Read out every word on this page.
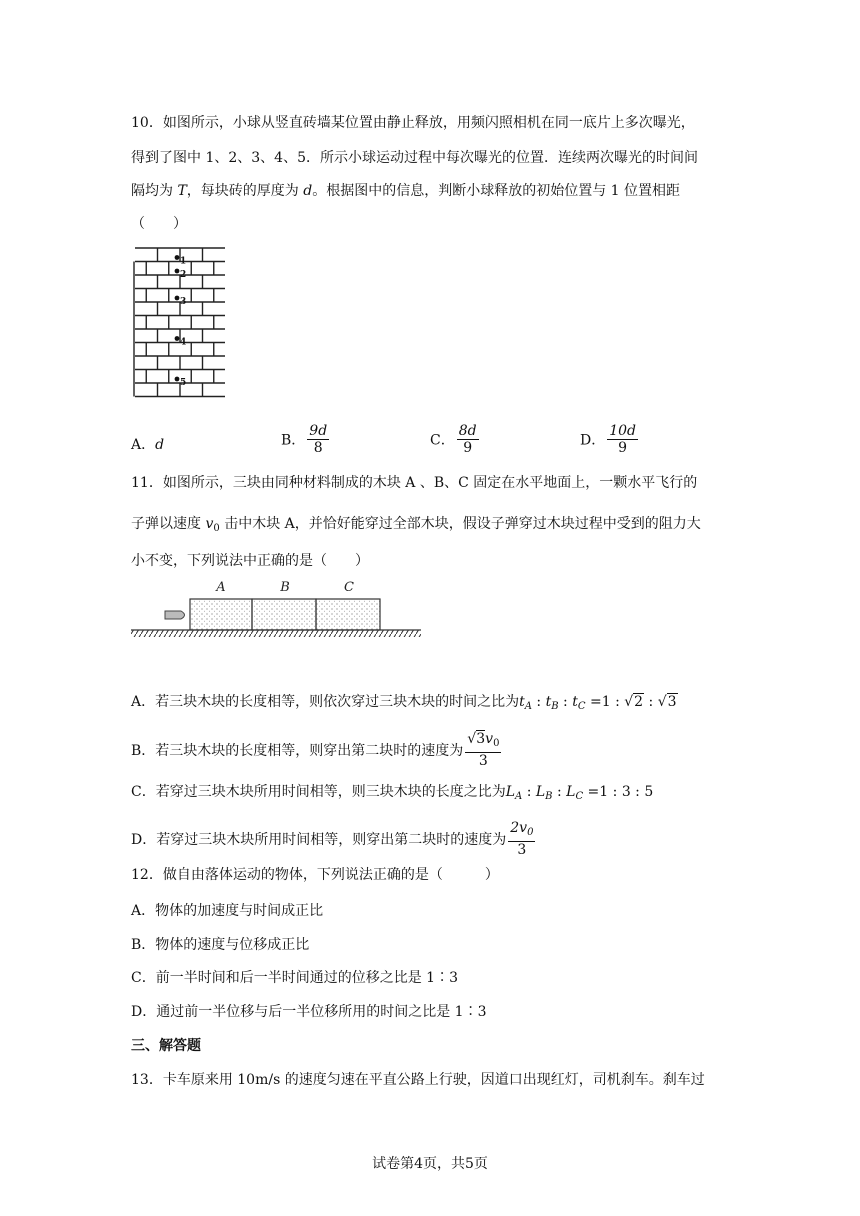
10．如图所示，小球从竖直砖墙某位置由静止释放，用频闪照相机在同一底片上多次曝光，
得到了图中 1、2、3、4、5．所示小球运动过程中每次曝光的位置．连续两次曝光的时间间
隔均为 T，每块砖的厚度为 d。根据图中的信息，判断小球释放的初始位置与 1 位置相距
（　　）
1
2
3
4
5
A．d	B． $\frac{9d}{8}$	C． $\frac{8d}{9}$	D． $\frac{10d}{9}$
11．如图所示，三块由同种材料制成的木块 A 、B、C 固定在水平地面上，一颗水平飞行的
子弹以速度 $v_0$ 击中木块 A，并恰好能穿过全部木块，假设子弹穿过木块过程中受到的阻力大
小不变，下列说法中正确的是（　　）
A	B	C
A．若三块木块的长度相等，则依次穿过三块木块的时间之比为$t_A$ : $t_B$ : $t_C =1$ : √2 : √3
B．若三块木块的长度相等，则穿出第二块时的速度为 $\frac{√3v_0}{3}$
C．若穿过三块木块所用时间相等，则三块木块的长度之比为$L_A$ : $L_B$ : $L_C =1$ : 3 : 5
D．若穿过三块木块所用时间相等，则穿出第二块时的速度为 $\frac{2v_0}{3}$
12．做自由落体运动的物体，下列说法正确的是（　　　）
A．物体的加速度与时间成正比
B．物体的速度与位移成正比
C．前一半时间和后一半时间通过的位移之比是 1∶3
D．通过前一半位移与后一半位移所用的时间之比是 1∶3
三、解答题
13．卡车原来用 10m/s 的速度匀速在平直公路上行驶，因道口出现红灯，司机刹车。刹车过
试卷第4页，共5页
